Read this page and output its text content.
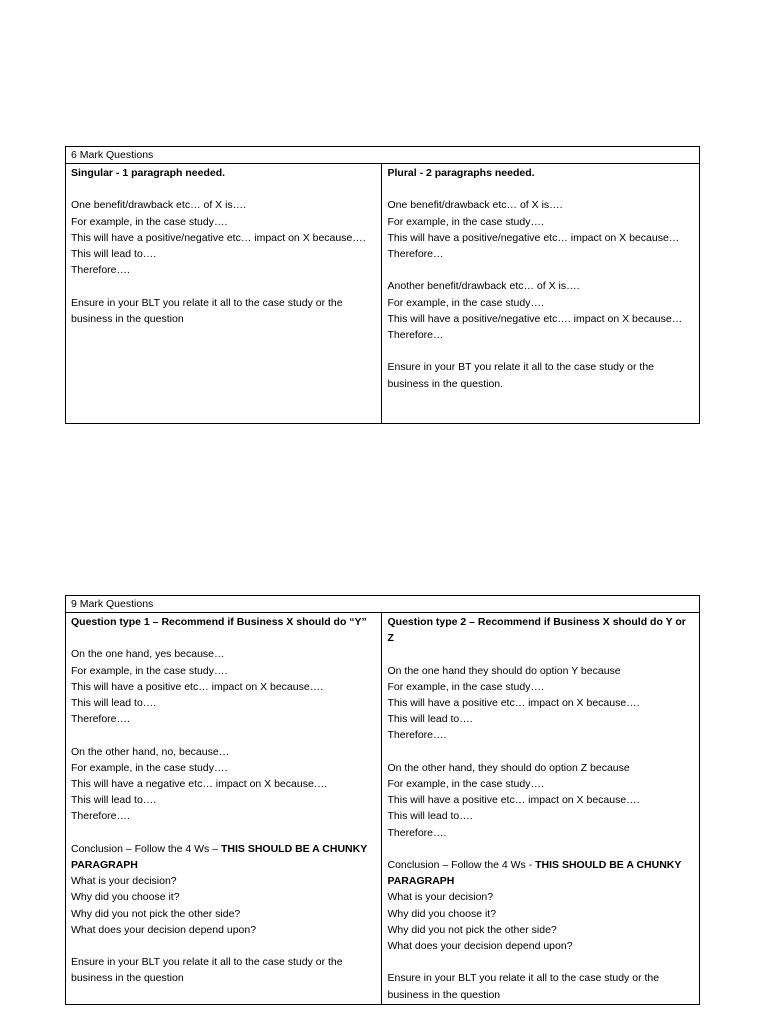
6 Mark Questions

Singular - 1 paragraph needed.
One benefit/drawback etc… of X is….
For example, in the case study….
This will have a positive/negative etc… impact on X because….
This will lead to….
Therefore….
Ensure in your BLT you relate it all to the case study or the business in the question

Plural - 2 paragraphs needed.
One benefit/drawback etc… of X is….
For example, in the case study….
This will have a positive/negative etc… impact on X because…
Therefore…
Another benefit/drawback etc… of X is….
For example, in the case study….
This will have a positive/negative etc…. impact on X because…
Therefore…
Ensure in your BT you relate it all to the case study or the business in the question.
9 Mark Questions

Question type 1 – Recommend if Business X should do “Y”
On the one hand, yes because…
For example, in the case study….
This will have a positive etc… impact on X because….
This will lead to….
Therefore….
On the other hand, no, because…
For example, in the case study….
This will have a negative etc… impact on X because….
This will lead to….
Therefore….
Conclusion – Follow the 4 Ws – THIS SHOULD BE A CHUNKY PARAGRAPH
What is your decision?
Why did you choose it?
Why did you not pick the other side?
What does your decision depend upon?
Ensure in your BLT you relate it all to the case study or the business in the question

Question type 2 – Recommend if Business X should do Y or Z
On the one hand they should do option Y because
For example, in the case study….
This will have a positive etc… impact on X because….
This will lead to….
Therefore….
On the other hand, they should do option Z because
For example, in the case study….
This will have a positive etc… impact on X because….
This will lead to….
Therefore….
Conclusion – Follow the 4 Ws - THIS SHOULD BE A CHUNKY PARAGRAPH
What is your decision?
Why did you choose it?
Why did you not pick the other side?
What does your decision depend upon?
Ensure in your BLT you relate it all to the case study or the business in the question
